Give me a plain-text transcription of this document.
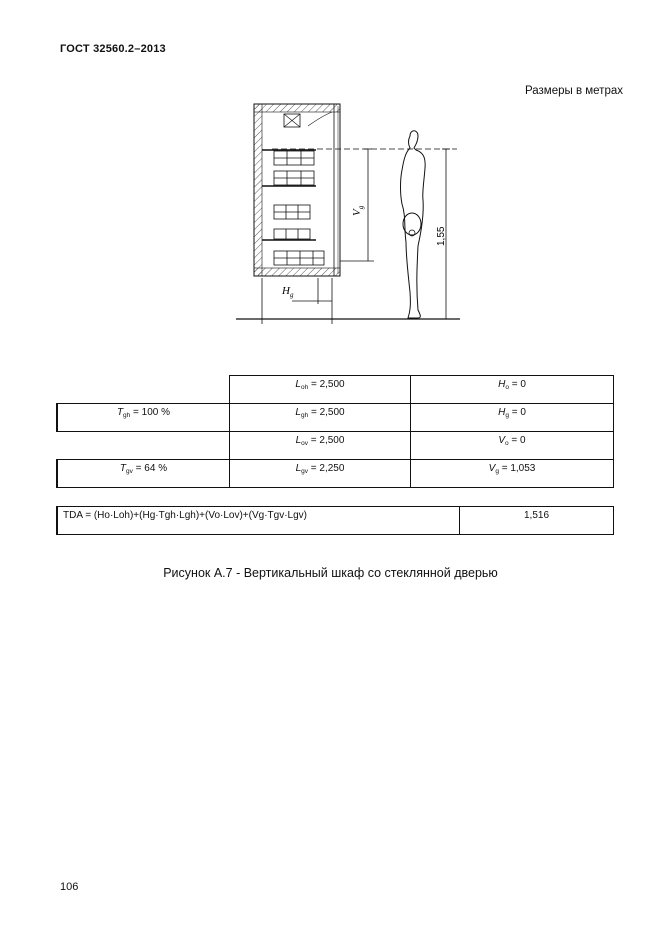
ГОСТ 32560.2–2013
Размеры в метрах
$V_g$
$H_g$
1,55
	$L_{oh} = 2,500$	$H_o = 0$
$T_{gh} = 100$ %	$L_{gh} = 2,500$	$H_g = 0$
	$L_{ov} = 2,500$	$V_o = 0$
$T_{gv} = 64$ %	$L_{gv} = 2,250$	$V_g = 1,053$
TDA = (Ho·Loh)+(Hg·Tgh·Lgh)+(Vo·Lov)+(Vg·Tgv·Lgv)	1,516
Рисунок А.7 - Вертикальный шкаф со стеклянной дверью
106
